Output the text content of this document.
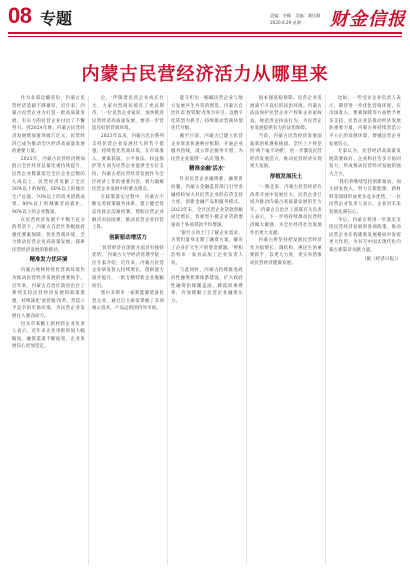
08 专题	责编：李娜　美编：潘佳颖
2020.6.29 星期一 财金信报
内蒙古民营经济活力从哪里来

作为北部边疆省份，内蒙古民营经济基础不够雄厚，近年来，内蒙古民营企业为打造一批高质量发展、有实力的民营企业付出了不懈努力。到2024年底，内蒙古民营经济发展增加值突破万亿元，民营经济已成为推动全区经济高质量发展的重要力量。

2023年，内蒙古民营经济增加值占全区经济总量比重持续提升，民营企业数量超过全区企业总数的九成以上，民营经济贡献了全区50%以上的税收、60%以上的地区生产总值、70%以上的技术创新成果、80%以上的城镇劳动就业、90%以上的企业数量。

在民营经济发展不平衡不充分的背景下，内蒙古自治区各级政府强化要素保障，优化营商环境，全力推动民营企业高质量发展，探索民营经济发展的新路径。

精准发力优环境

内蒙古始终将优化营商环境作为推动民营经济发展的重要抓手。近年来，内蒙古自治区政府出台了系列支持民营经济发展的政策措施，持续深化'放管服'改革，营造公平竞争的市场环境，为民营企业发展注入强劲动力。

包头市某稀土新材料企业负责人表示，近年来企业审批时间大幅缩短，融资渠道不断拓宽，企业发展信心更加坚定。

企，'伴随着民营企业成长壮大，大家对营商环境有了更高期待。'一位民营企业家说，加快推进民营经济高质量发展，要进一步营造良好的营商环境。

2023年以来，内蒙古出台系列支持民营企业发展壮大的若干措施，持续优化营商环境，在市场准入、要素获取、公平执法、权益保护等方面为民营企业提供全方位支持。内蒙古把民营经济发展作为全区经济工作的重要内容，着力破解民营企业发展中的难点堵点。

在政策落实过程中，内蒙古不断完善政策服务体系，建立健全常态化政企沟通机制，帮助民营企业解决实际困难，推动民营企业轻装上阵。

创新驱动增活力

'民营经济在创新方面具有独特优势。'内蒙古大学经济管理学院一位专家介绍，近年来，内蒙古民营企业研发投入持续增长，创新能力稳步提升，一批专精特新企业脱颖而出。

鄂尔多斯市一家新能源装备民营企业，通过自主研发掌握了多项核心技术，产品远销国内外市场。

能交织出一幅幅民营企业与地方发展共生共荣的图景。内蒙古自治区以'放管服'改革为牵引，以数字化转型为抓手，持续推动营商环境迭代升级。

截至目前，内蒙古已建立民营企业诉求快速响应机制，开通企业服务热线，设立涉企服务专窗，为民营企业提供'一站式'服务。

精准金融'活水'

针对民营企业融资难、融资贵问题，内蒙古金融监管部门引导金融机构加大对民营企业的信贷支持力度，创新金融产品和服务模式。2023年末，全区民营企业贷款余额同比增长，普惠型小微企业贷款增速高于各项贷款平均增速。

'银行主动上门了解企业需求，为我们量身定制了融资方案，解决了企业扩大生产的资金难题。'呼和浩特市一家食品加工企业负责人说。

与此同时，内蒙古持续推进政府性融资担保体系建设，扩大政府性融资担保覆盖面，降低担保费率，有效缓解了民营企业融资压力。

固本强基稳预期。民营企业发展离不开良好的法治环境。内蒙古依法保护民营企业产权和企业家权益，规范涉企执法行为，为民营企业发展提供有力的法治保障。

当前，内蒙古民营经济发展面临新的机遇和挑战。全区上下将坚持'两个毫不动摇'，进一步激发民营经济发展活力，推动民营经济实现更大发展。

厚植发展沃土

'一路走来，内蒙古民营经济在改革开放中发展壮大，民营企业已成为推动内蒙古高质量发展的生力军。'内蒙古自治区工商联有关负责人表示，下一步将持续推动民营经济做大做强，为全区经济社会发展作出更大贡献。

内蒙古将坚持把发展民营经济作为稳增长、调结构、惠民生的重要抓手，以更大力度、更实举措推动民营经济健康发展。

比如，一些受访企业负责人表示，期待进一步优化营商环境，在市场准入、要素保障等方面给予更多支持。民营企业是推动经济发展的重要力量，内蒙古将持续营造公平公正的发展环境，增强民营企业发展信心。

专家认为，民营经济高质量发展需要政府、企业和社会多方协同发力，形成推动民营经济发展的强大合力。

'我们将继续坚持创新驱动，加大研发投入，努力在新能源、新材料等领域形成更多竞争优势。'一位民营企业负责人表示，企业对未来发展充满信心。

今后，内蒙古将进一步落实支持民营经济发展的各项政策，推动民营企业在构建新发展格局中发挥更大作用，为书写中国式现代化内蒙古新篇章贡献力量。

（据《经济日报》）
